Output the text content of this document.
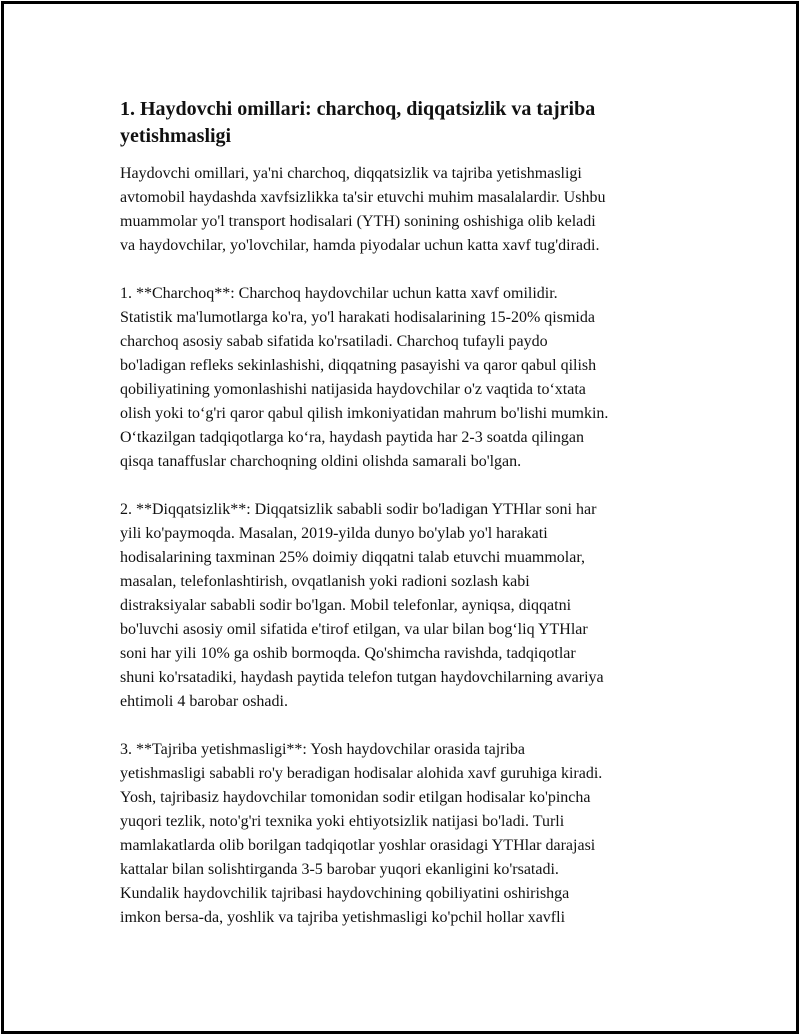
1. Haydovchi omillari: charchoq, diqqatsizlik va tajriba yetishmasligi

Haydovchi omillari, ya'ni charchoq, diqqatsizlik va tajriba yetishmasligi
avtomobil haydashda xavfsizlikka ta'sir etuvchi muhim masalalardir. Ushbu
muammolar yo'l transport hodisalari (YTH) sonining oshishiga olib keladi
va haydovchilar, yo'lovchilar, hamda piyodalar uchun katta xavf tug'diradi.

1. **Charchoq**: Charchoq haydovchilar uchun katta xavf omilidir.
Statistik ma'lumotlarga ko'ra, yo'l harakati hodisalarining 15-20% qismida
charchoq asosiy sabab sifatida ko'rsatiladi. Charchoq tufayli paydo
bo'ladigan refleks sekinlashishi, diqqatning pasayishi va qaror qabul qilish
qobiliyatining yomonlashishi natijasida haydovchilar o'z vaqtida to‘xtata
olish yoki to‘g'ri qaror qabul qilish imkoniyatidan mahrum bo'lishi mumkin.
O‘tkazilgan tadqiqotlarga ko‘ra, haydash paytida har 2-3 soatda qilingan
qisqa tanaffuslar charchoqning oldini olishda samarali bo'lgan.

2. **Diqqatsizlik**: Diqqatsizlik sababli sodir bo'ladigan YTHlar soni har
yili ko'paymoqda. Masalan, 2019-yilda dunyo bo'ylab yo'l harakati
hodisalarining taxminan 25% doimiy diqqatni talab etuvchi muammolar,
masalan, telefonlashtirish, ovqatlanish yoki radioni sozlash kabi
distraksiyalar sababli sodir bo'lgan. Mobil telefonlar, ayniqsa, diqqatni
bo'luvchi asosiy omil sifatida e'tirof etilgan, va ular bilan bog‘liq YTHlar
soni har yili 10% ga oshib bormoqda. Qo'shimcha ravishda, tadqiqotlar
shuni ko'rsatadiki, haydash paytida telefon tutgan haydovchilarning avariya
ehtimoli 4 barobar oshadi.

3. **Tajriba yetishmasligi**: Yosh haydovchilar orasida tajriba
yetishmasligi sababli ro'y beradigan hodisalar alohida xavf guruhiga kiradi.
Yosh, tajribasiz haydovchilar tomonidan sodir etilgan hodisalar ko'pincha
yuqori tezlik, noto'g'ri texnika yoki ehtiyotsizlik natijasi bo'ladi. Turli
mamlakatlarda olib borilgan tadqiqotlar yoshlar orasidagi YTHlar darajasi
kattalar bilan solishtirganda 3-5 barobar yuqori ekanligini ko'rsatadi.
Kundalik haydovchilik tajribasi haydovchining qobiliyatini oshirishga
imkon bersa-da, yoshlik va tajriba yetishmasligi ko'pchil hollar xavfli
